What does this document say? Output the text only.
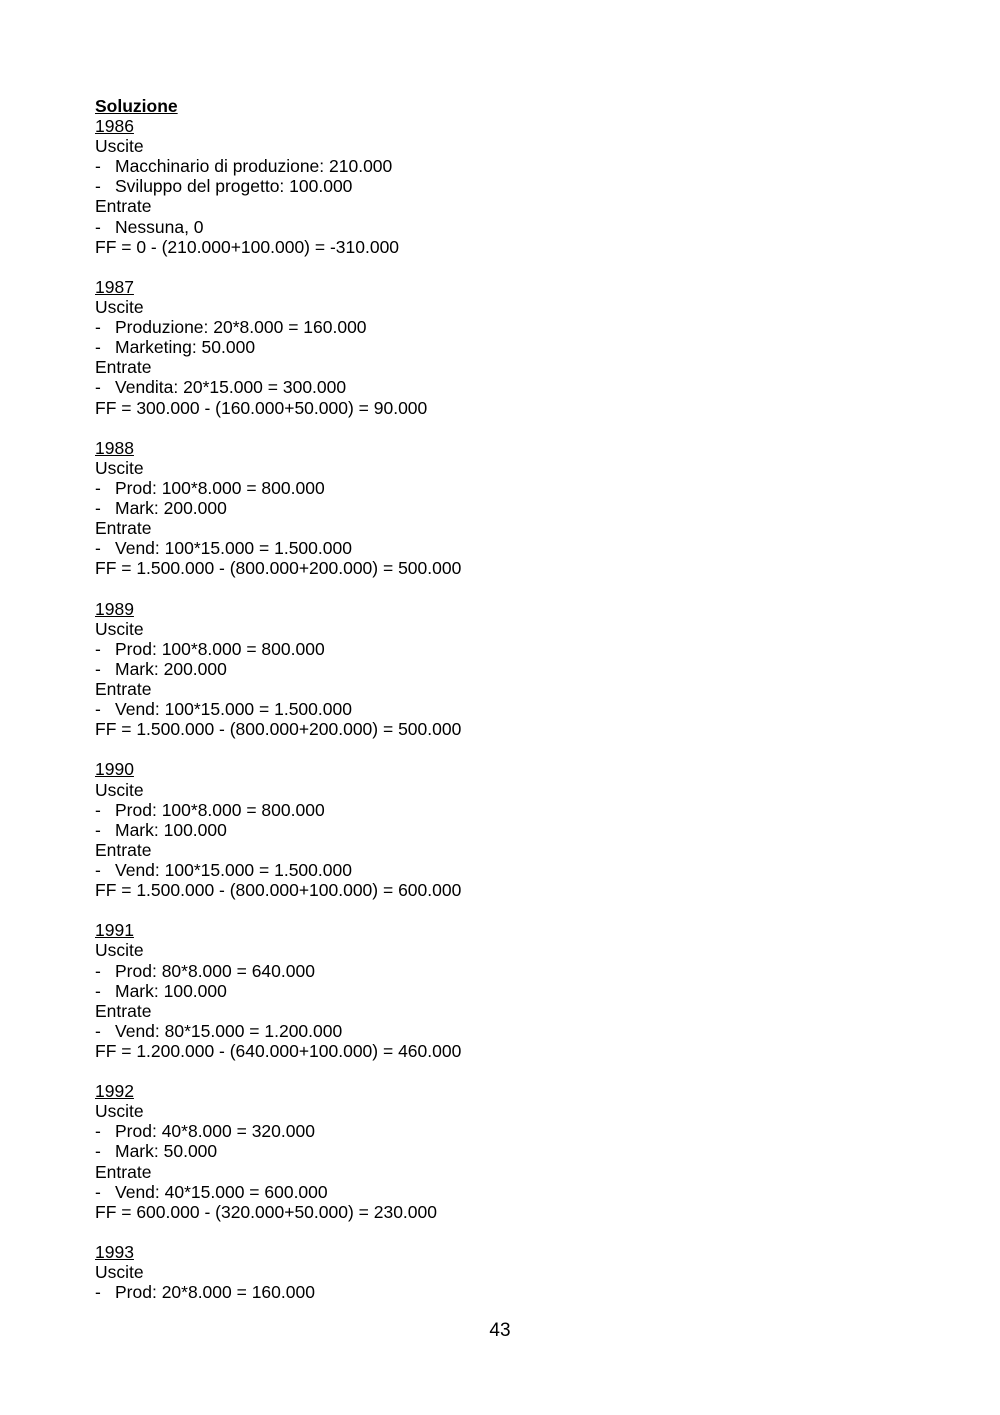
Soluzione
1986
Uscite
- Macchinario di produzione: 210.000
- Sviluppo del progetto: 100.000
Entrate
- Nessuna, 0
FF = 0 - (210.000+100.000) = -310.000
1987
Uscite
- Produzione: 20*8.000 = 160.000
- Marketing: 50.000
Entrate
- Vendita: 20*15.000 = 300.000
FF = 300.000 - (160.000+50.000) = 90.000
1988
Uscite
- Prod: 100*8.000 = 800.000
- Mark: 200.000
Entrate
- Vend: 100*15.000 = 1.500.000
FF = 1.500.000 - (800.000+200.000) = 500.000
1989
Uscite
- Prod: 100*8.000 = 800.000
- Mark: 200.000
Entrate
- Vend: 100*15.000 = 1.500.000
FF = 1.500.000 - (800.000+200.000) = 500.000
1990
Uscite
- Prod: 100*8.000 = 800.000
- Mark: 100.000
Entrate
- Vend: 100*15.000 = 1.500.000
FF = 1.500.000 - (800.000+100.000) = 600.000
1991
Uscite
- Prod: 80*8.000 = 640.000
- Mark: 100.000
Entrate
- Vend: 80*15.000 = 1.200.000
FF = 1.200.000 - (640.000+100.000) = 460.000
1992
Uscite
- Prod: 40*8.000 = 320.000
- Mark: 50.000
Entrate
- Vend: 40*15.000 = 600.000
FF = 600.000 - (320.000+50.000) = 230.000
1993
Uscite
- Prod: 20*8.000 = 160.000
43
